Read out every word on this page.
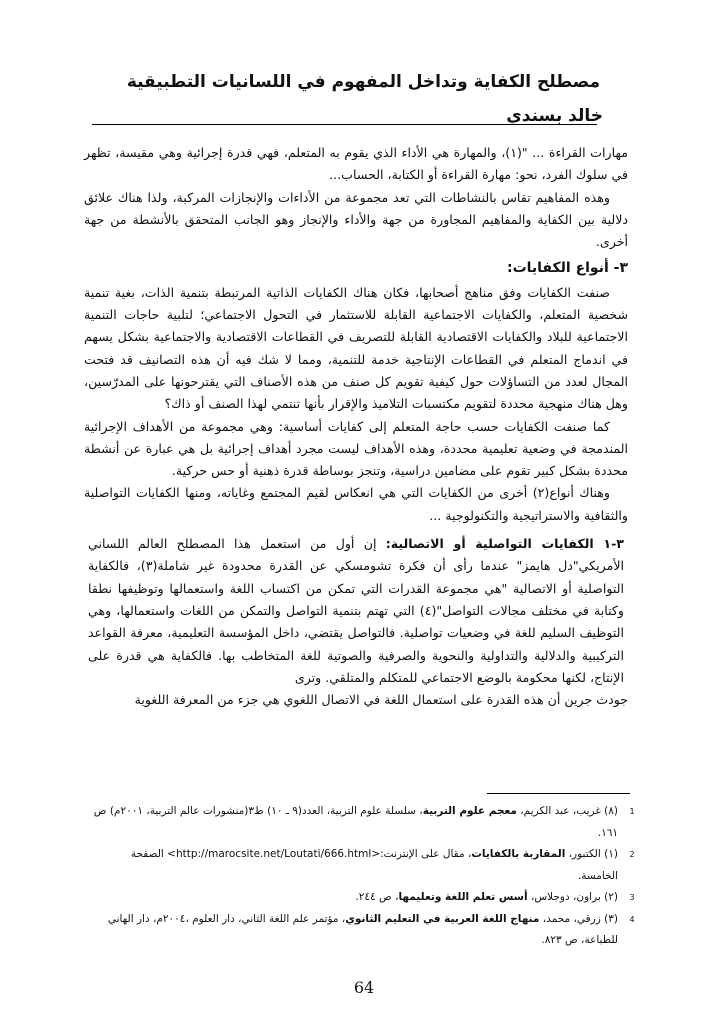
مصطلح الكفاية وتداخل المفهوم في اللسانيات التطبيقية
خالد بسندي

مهارات القراءة ... "(١)، والمهارة هي الأداء الذي يقوم به المتعلم، فهي قدرة إجرائية وهي مقيسة، تظهر في سلوك الفرد، نحو: مهارة القراءة أو الكتابة، الحساب...

وهذه المفاهيم تقاس بالنشاطات التي تعد مجموعة من الأداءات والإنجازات المركبة، ولذا هناك علائق دلالية بين الكفاية والمفاهيم المجاورة من جهة والأداء والإنجاز وهو الجانب المتحقق بالأنشطة من جهة أخرى.

٣- أنواع الكفايات:

صنفت الكفايات وفق مناهج أصحابها، فكان هناك الكفايات الذاتية المرتبطة بتنمية الذات، بغية تنمية شخصية المتعلم، والكفايات الاجتماعية القابلة للاستثمار في التحول الاجتماعي؛ لتلبية حاجات التنمية الاجتماعية للبلاد والكفايات الاقتصادية القابلة للتصريف في القطاعات الاقتصادية والاجتماعية بشكل يسهم في اندماج المتعلم في القطاعات الإنتاجية خدمة للتنمية، ومما لا شك فيه أن هذه التصانيف قد فتحت المجال لعدد من التساؤلات حول كيفية تقويم كل صنف من هذه الأصناف التي يقترحونها على المدرّسين، وهل هناك منهجية محددة لتقويم مكتسبات التلاميذ والإقرار بأنها تنتمي لهذا الصنف أو ذاك؟

كما صنفت الكفايات حسب حاجة المتعلم إلى كفايات أساسية: وهي مجموعة من الأهداف الإجرائية المندمجة في وضعية تعليمية محددة، وهذه الأهداف ليست مجرد أهداف إجرائية بل هي عبارة عن أنشطة محددة بشكل كبير تقوم على مضامين دراسية، وتنجز بوساطة قدرة ذهنية أو حس حركية.

وهناك أنواع(٢) أخرى من الكفايات التي هي انعكاس لقيم المجتمع وغاياته، ومنها الكفايات التواصلية والثقافية والاستراتيجية والتكنولوجية ...

٣-١ الكفايات التواصلية أو الاتصالية: إن أول من استعمل هذا المصطلح العالم اللساني الأمريكي"دل هايمز" عندما رأى أن فكرة تشومسكي عن القدرة محدودة غير شاملة(٣)، فالكفاية التواصلية أو الاتصالية "هي مجموعة القدرات التي تمكن من اكتساب اللغة واستعمالها وتوظيفها نطقا وكتابة في مختلف مجالات التواصل"(٤) التي تهتم بتنمية التواصل والتمكن من اللغات واستعمالها، وهي التوظيف السليم للغة في وضعيات تواصلية. فالتواصل يقتضي، داخل المؤسسة التعليمية، معرفة القواعد التركيبية والدلالية والتداولية والنحوية والصرفية والصوتية للغة المتخاطب بها. فالكفاية هي قدرة على الإنتاج، لكنها محكومة بالوضع الاجتماعي للمتكلم والمتلقي. وترى

جودث جرين أن هذه القدرة على استعمال اللغة في الاتصال اللغوي هي جزء من المعرفة اللغوية

1
(٨) غريب، عبد الكريم، معجم علوم التربية، سلسلة علوم التربية، العدد(٩ ـ ١٠) ط٣(منشورات عالم التربية، ٢٠٠١م) ص ١٦١.
2
(١) الكتبور، المقاربة بالكفايات، مقال على الإنترنت:<http://marocsite.net/Loutati/666.html> الصفحة الخامسة.
3
(٢) براون، دوجلاس، أسس تعلم اللغة وتعليمها، ص ٢٤٤.
4
(٣) زرقي، محمد، منهاج اللغة العربية في التعليم الثانوي، مؤتمر علم اللغة الثاني، دار العلوم ،٢٠٠٤م، دار الهاني للطباعة، ص ٨٢٣.
64
